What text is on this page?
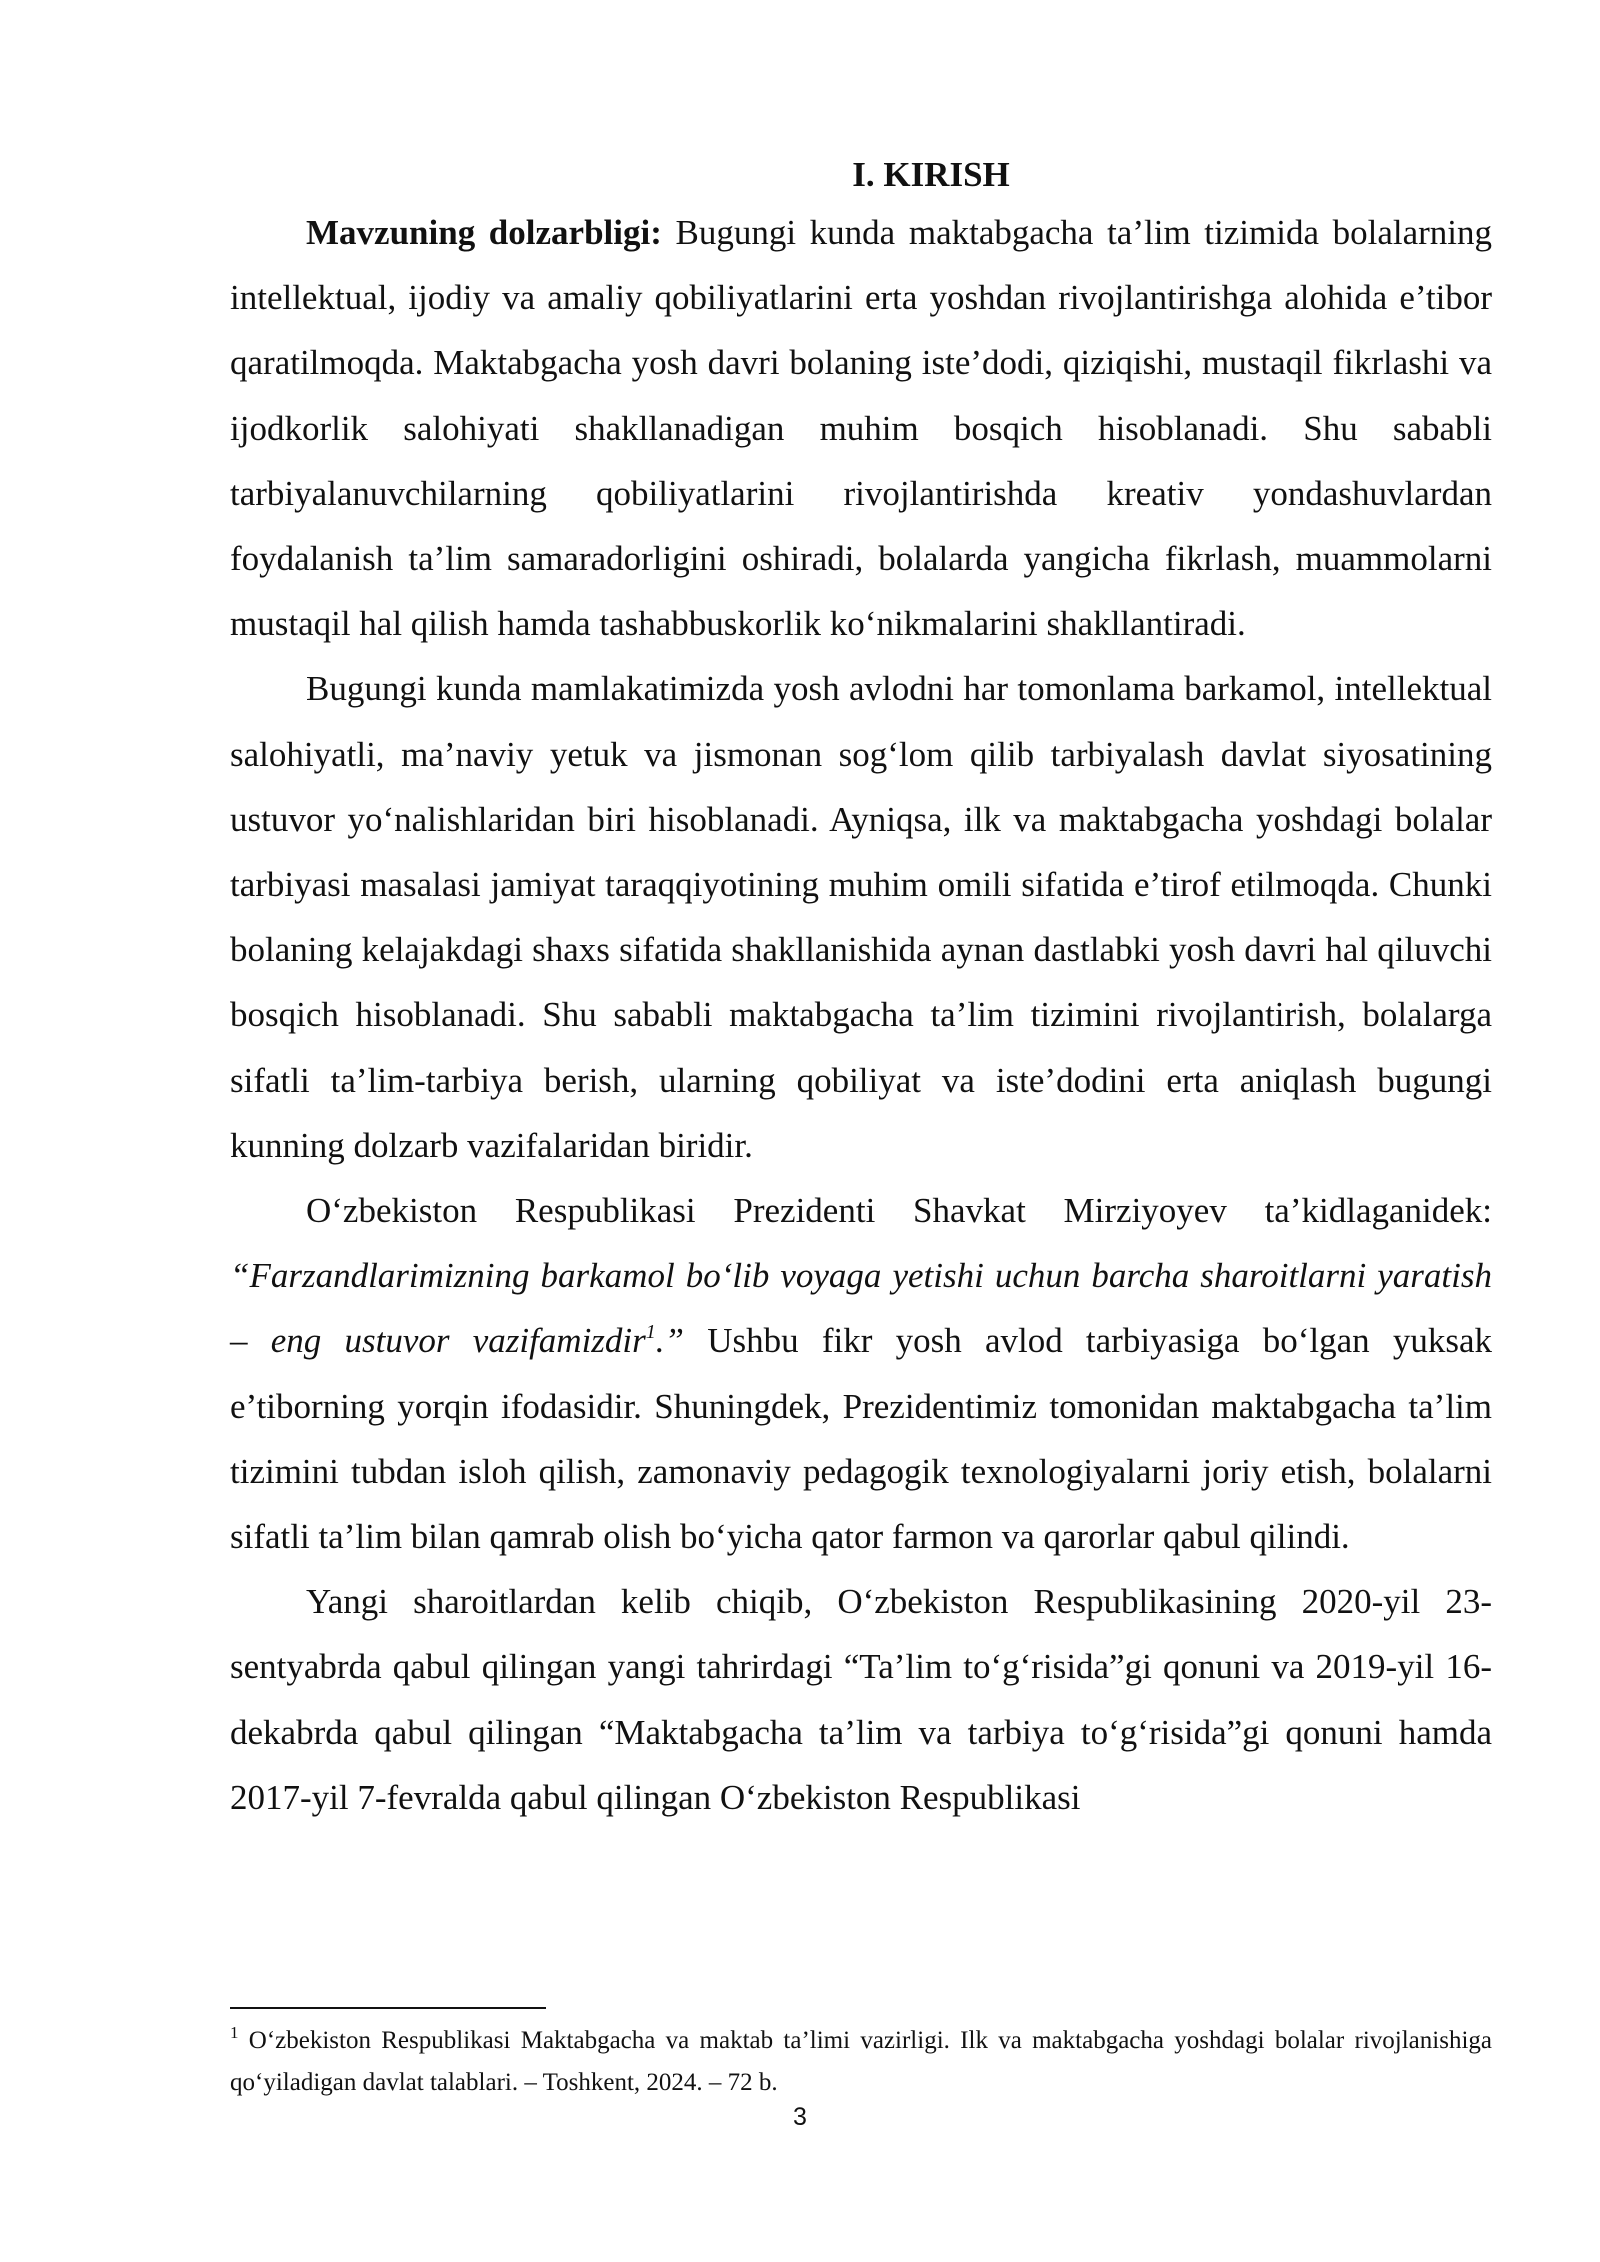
I. KIRISH

Mavzuning dolzarbligi: Bugungi kunda maktabgacha ta’lim tizimida bolalarning intellektual, ijodiy va amaliy qobiliyatlarini erta yoshdan rivojlantirishga alohida e’tibor qaratilmoqda. Maktabgacha yosh davri bolaning iste’dodi, qiziqishi, mustaqil fikrlashi va ijodkorlik salohiyati shakllanadigan muhim bosqich hisoblanadi. Shu sababli tarbiyalanuvchilarning qobiliyatlarini rivojlantirishda kreativ yondashuvlardan foydalanish ta’lim samaradorligini oshiradi, bolalarda yangicha fikrlash, muammolarni mustaqil hal qilish hamda tashabbuskorlik ko‘nikmalarini shakllantiradi.

Bugungi kunda mamlakatimizda yosh avlodni har tomonlama barkamol, intellektual salohiyatli, ma’naviy yetuk va jismonan sog‘lom qilib tarbiyalash davlat siyosatining ustuvor yo‘nalishlaridan biri hisoblanadi. Ayniqsa, ilk va maktabgacha yoshdagi bolalar tarbiyasi masalasi jamiyat taraqqiyotining muhim omili sifatida e’tirof etilmoqda. Chunki bolaning kelajakdagi shaxs sifatida shakllanishida aynan dastlabki yosh davri hal qiluvchi bosqich hisoblanadi. Shu sababli maktabgacha ta’lim tizimini rivojlantirish, bolalarga sifatli ta’lim-tarbiya berish, ularning qobiliyat va iste’dodini erta aniqlash bugungi kunning dolzarb vazifalaridan biridir.

O‘zbekiston Respublikasi Prezidenti Shavkat Mirziyoyev ta’kidlaganidek: “Farzandlarimizning barkamol bo‘lib voyaga yetishi uchun barcha sharoitlarni yaratish – eng ustuvor vazifamizdir$^1$.” Ushbu fikr yosh avlod tarbiyasiga bo‘lgan yuksak e’tiborning yorqin ifodasidir. Shuningdek, Prezidentimiz tomonidan maktabgacha ta’lim tizimini tubdan isloh qilish, zamonaviy pedagogik texnologiyalarni joriy etish, bolalarni sifatli ta’lim bilan qamrab olish bo‘yicha qator farmon va qarorlar qabul qilindi.

Yangi sharoitlardan kelib chiqib, O‘zbekiston Respublikasining 2020-yil 23-sentyabrda qabul qilingan yangi tahrirdagi “Ta’lim to‘g‘risida”gi qonuni va 2019-yil 16-dekabrda qabul qilingan “Maktabgacha ta’lim va tarbiya to‘g‘risida”gi qonuni hamda 2017-yil 7-fevralda qabul qilingan O‘zbekiston Respublikasi

$^1$ O‘zbekiston Respublikasi Maktabgacha va maktab ta’limi vazirligi. Ilk va maktabgacha yoshdagi bolalar rivojlanishiga qo‘yiladigan davlat talablari. – Toshkent, 2024. – 72 b.
3
